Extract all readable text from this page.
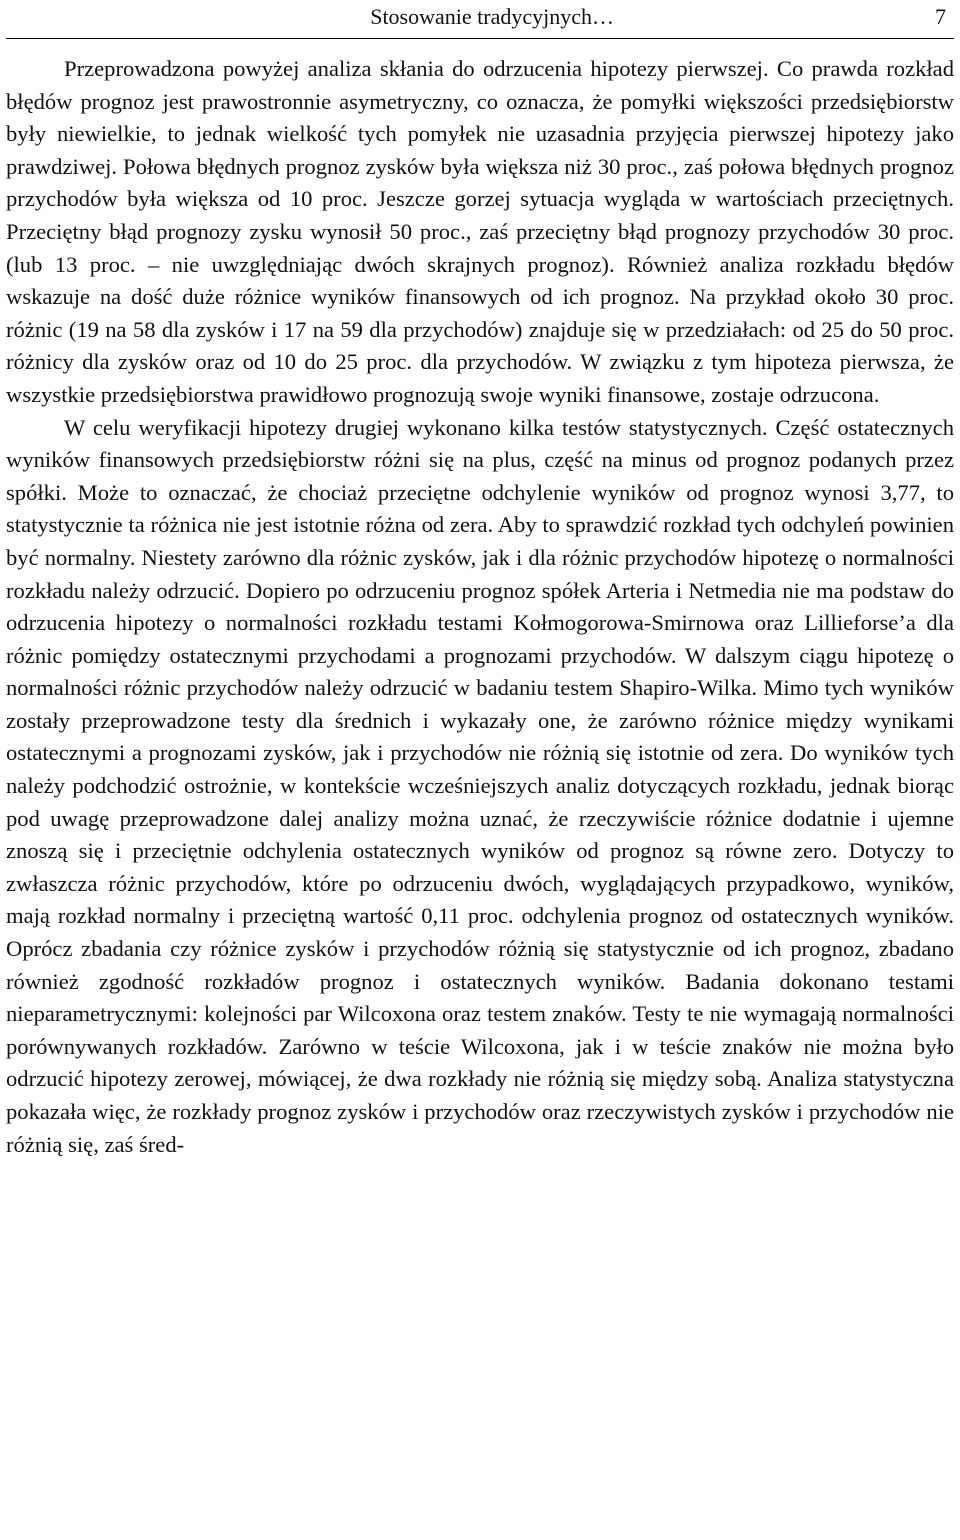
Stosowanie tradycyjnych…	7

Przeprowadzona powyżej analiza skłania do odrzucenia hipotezy pierwszej. Co prawda rozkład błędów prognoz jest prawostronnie asymetryczny, co oznacza, że pomyłki większości przedsiębiorstw były niewielkie, to jednak wielkość tych pomyłek nie uzasadnia przyjęcia pierwszej hipotezy jako prawdziwej. Połowa błędnych prognoz zysków była większa niż 30 proc., zaś połowa błędnych prognoz przychodów była większa od 10 proc. Jeszcze gorzej sytuacja wygląda w wartościach przeciętnych. Przeciętny błąd prognozy zysku wynosił 50 proc., zaś przeciętny błąd prognozy przychodów 30 proc. (lub 13 proc. – nie uwzględniając dwóch skrajnych prognoz). Również analiza rozkładu błędów wskazuje na dość duże różnice wyników finansowych od ich prognoz. Na przykład około 30 proc. różnic (19 na 58 dla zysków i 17 na 59 dla przychodów) znajduje się w przedziałach: od 25 do 50 proc. różnicy dla zysków oraz od 10 do 25 proc. dla przychodów. W związku z tym hipoteza pierwsza, że wszystkie przedsiębiorstwa prawidłowo prognozują swoje wyniki finansowe, zostaje odrzucona.

W celu weryfikacji hipotezy drugiej wykonano kilka testów statystycznych. Część ostatecznych wyników finansowych przedsiębiorstw różni się na plus, część na minus od prognoz podanych przez spółki. Może to oznaczać, że chociaż przeciętne odchylenie wyników od prognoz wynosi 3,77, to statystycznie ta różnica nie jest istotnie różna od zera. Aby to sprawdzić rozkład tych odchyleń powinien być normalny. Niestety zarówno dla różnic zysków, jak i dla różnic przychodów hipotezę o normalności rozkładu należy odrzucić. Dopiero po odrzuceniu prognoz spółek Arteria i Netmedia nie ma podstaw do odrzucenia hipotezy o normalności rozkładu testami Kołmogorowa-Smirnowa oraz Lillieforse’a dla różnic pomiędzy ostatecznymi przychodami a prognozami przychodów. W dalszym ciągu hipotezę o normalności różnic przychodów należy odrzucić w badaniu testem Shapiro-Wilka. Mimo tych wyników zostały przeprowadzone testy dla średnich i wykazały one, że zarówno różnice między wynikami ostatecznymi a prognozami zysków, jak i przychodów nie różnią się istotnie od zera. Do wyników tych należy podchodzić ostrożnie, w kontekście wcześniejszych analiz dotyczących rozkładu, jednak biorąc pod uwagę przeprowadzone dalej analizy można uznać, że rzeczywiście różnice dodatnie i ujemne znoszą się i przeciętnie odchylenia ostatecznych wyników od prognoz są równe zero. Dotyczy to zwłaszcza różnic przychodów, które po odrzuceniu dwóch, wyglądających przypadkowo, wyników, mają rozkład normalny i przeciętną wartość 0,11 proc. odchylenia prognoz od ostatecznych wyników. Oprócz zbadania czy różnice zysków i przychodów różnią się statystycznie od ich prognoz, zbadano również zgodność rozkładów prognoz i ostatecznych wyników. Badania dokonano testami nieparametrycznymi: kolejności par Wilcoxona oraz testem znaków. Testy te nie wymagają normalności porównywanych rozkładów. Zarówno w teście Wilcoxona, jak i w teście znaków nie można było odrzucić hipotezy zerowej, mówiącej, że dwa rozkłady nie różnią się między sobą. Analiza statystyczna pokazała więc, że rozkłady prognoz zysków i przychodów oraz rzeczywistych zysków i przychodów nie różnią się, zaś śred-
